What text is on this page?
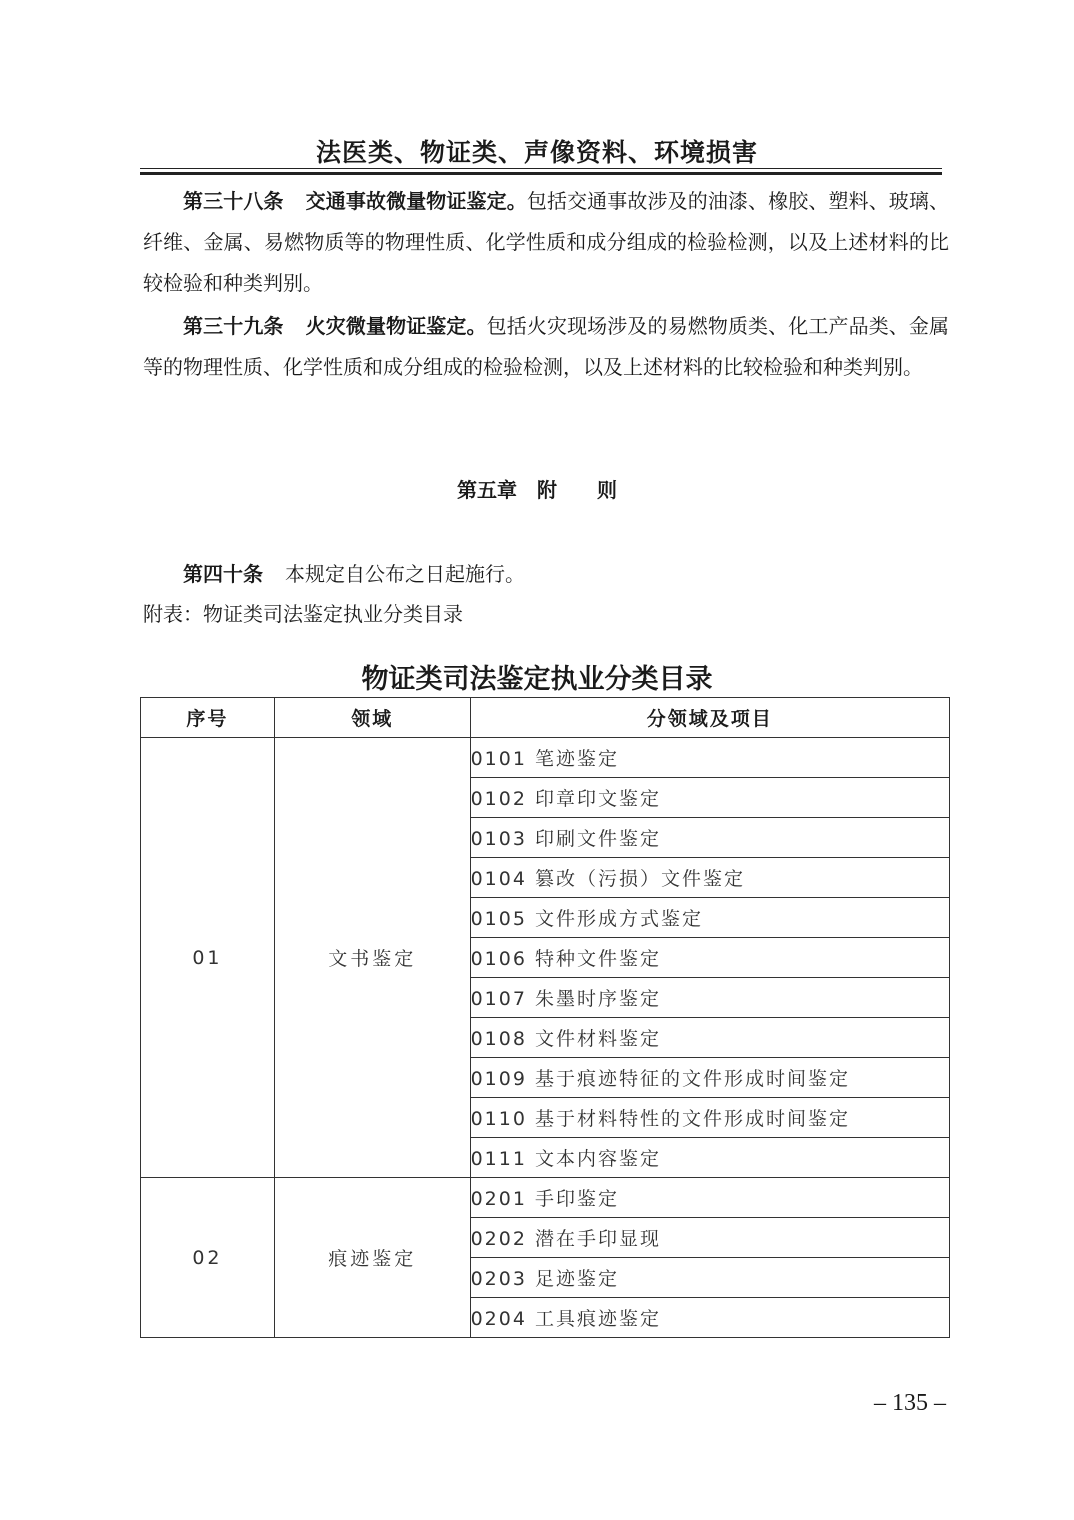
法医类、物证类、声像资料、环境损害
第三十八条 交通事故微量物证鉴定。包括交通事故涉及的油漆、橡胶、塑料、玻璃、纤维、金属、易燃物质等的物理性质、化学性质和成分组成的检验检测，以及上述材料的比较检验和种类判别。
第三十九条 火灾微量物证鉴定。包括火灾现场涉及的易燃物质类、化工产品类、金属等的物理性质、化学性质和成分组成的检验检测，以及上述材料的比较检验和种类判别。
第五章　附　　则
第四十条 本规定自公布之日起施行。
附表：物证类司法鉴定执业分类目录
物证类司法鉴定执业分类目录
序号	领域	分领域及项目
01	文书鉴定	0101 笔迹鉴定
		0102 印章印文鉴定
		0103 印刷文件鉴定
		0104 篡改（污损）文件鉴定
		0105 文件形成方式鉴定
		0106 特种文件鉴定
		0107 朱墨时序鉴定
		0108 文件材料鉴定
		0109 基于痕迹特征的文件形成时间鉴定
		0110 基于材料特性的文件形成时间鉴定
		0111 文本内容鉴定
02	痕迹鉴定	0201 手印鉴定
		0202 潜在手印显现
		0203 足迹鉴定
		0204 工具痕迹鉴定
– 135 –
